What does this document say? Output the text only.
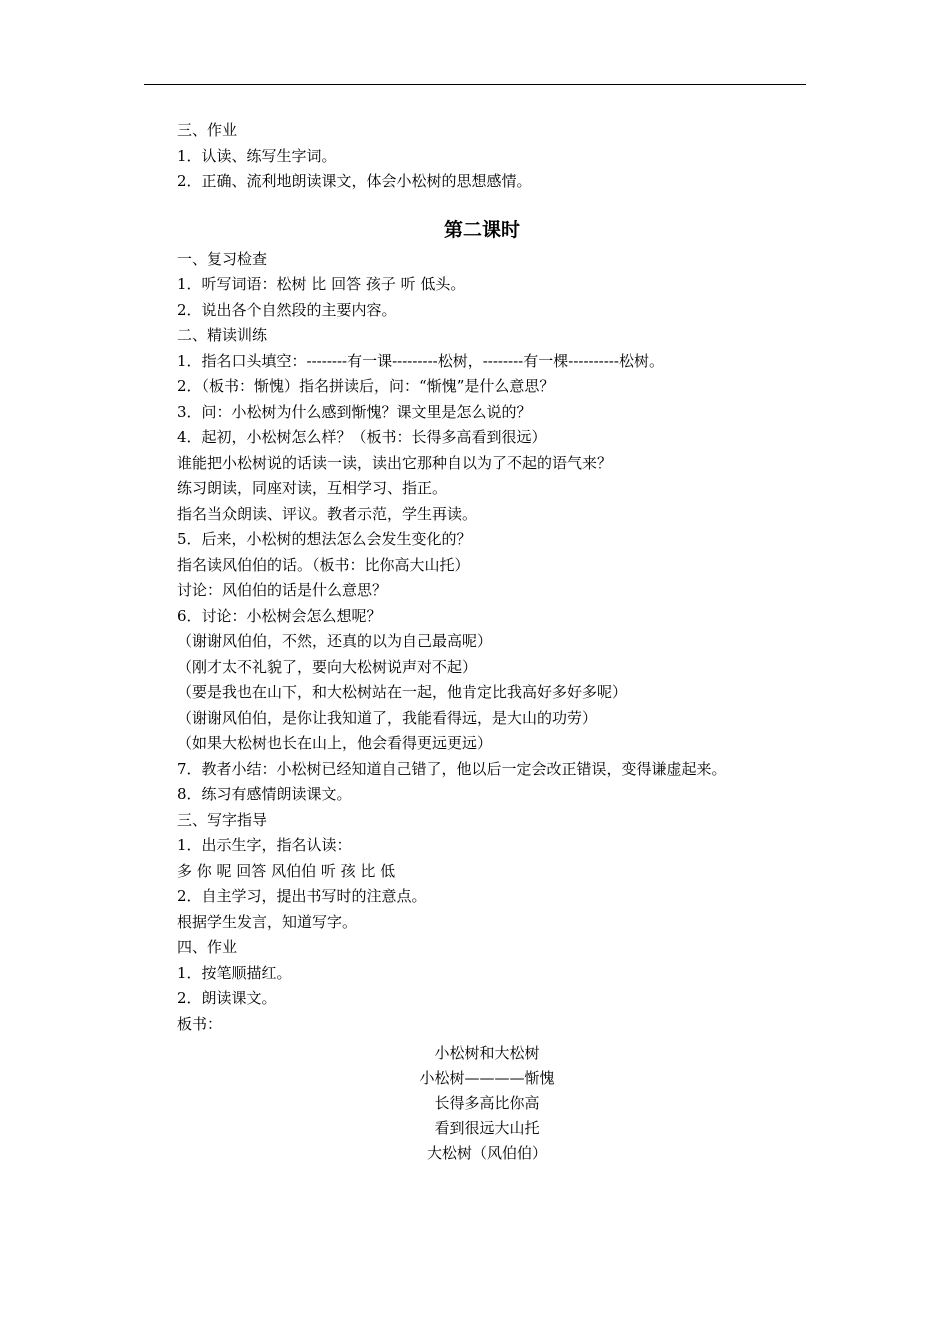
三、作业
1．认读、练写生字词。
2．正确、流利地朗读课文，体会小松树的思想感情。
第二课时
一、复习检查
1．听写词语：松树 比 回答 孩子 听 低头。
2．说出各个自然段的主要内容。
二、精读训练
1．指名口头填空：--------有一课---------松树，--------有一棵----------松树。
2．（板书：惭愧）指名拼读后，问：“惭愧”是什么意思？
3．问：小松树为什么感到惭愧？课文里是怎么说的？
4．起初，小松树怎么样？（板书：长得多高看到很远）
谁能把小松树说的话读一读，读出它那种自以为了不起的语气来？
练习朗读，同座对读，互相学习、指正。
指名当众朗读、评议。教者示范，学生再读。
5．后来，小松树的想法怎么会发生变化的？
指名读风伯伯的话。（板书：比你高大山托）
讨论：风伯伯的话是什么意思？
6．讨论：小松树会怎么想呢？
（谢谢风伯伯，不然，还真的以为自己最高呢）
（刚才太不礼貌了，要向大松树说声对不起）
（要是我也在山下，和大松树站在一起，他肯定比我高好多好多呢）
（谢谢风伯伯，是你让我知道了，我能看得远，是大山的功劳）
（如果大松树也长在山上，他会看得更远更远）
7．教者小结：小松树已经知道自己错了，他以后一定会改正错误，变得谦虚起来。
8．练习有感情朗读课文。
三、写字指导
1．出示生字，指名认读：
多 你 呢 回答 风伯伯 听 孩 比 低
2．自主学习，提出书写时的注意点。
根据学生发言，知道写字。
四、作业
1．按笔顺描红。
2．朗读课文。
板书：
小松树和大松树
小松树————惭愧
长得多高比你高
看到很远大山托
大松树（风伯伯）
